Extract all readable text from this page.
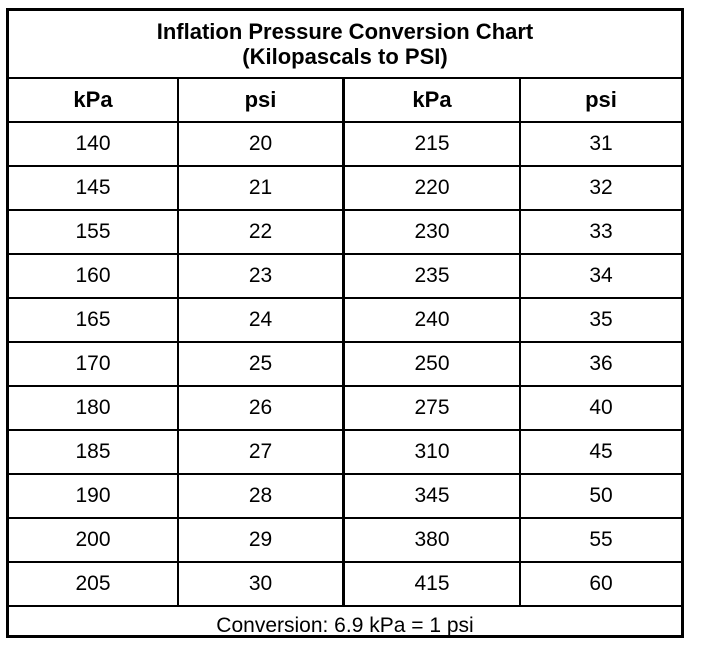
Inflation Pressure Conversion Chart
(Kilopascals to PSI)
kPa	psi	kPa	psi
140	20	215	31
145	21	220	32
155	22	230	33
160	23	235	34
165	24	240	35
170	25	250	36
180	26	275	40
185	27	310	45
190	28	345	50
200	29	380	55
205	30	415	60
Conversion: 6.9 kPa = 1 psi
